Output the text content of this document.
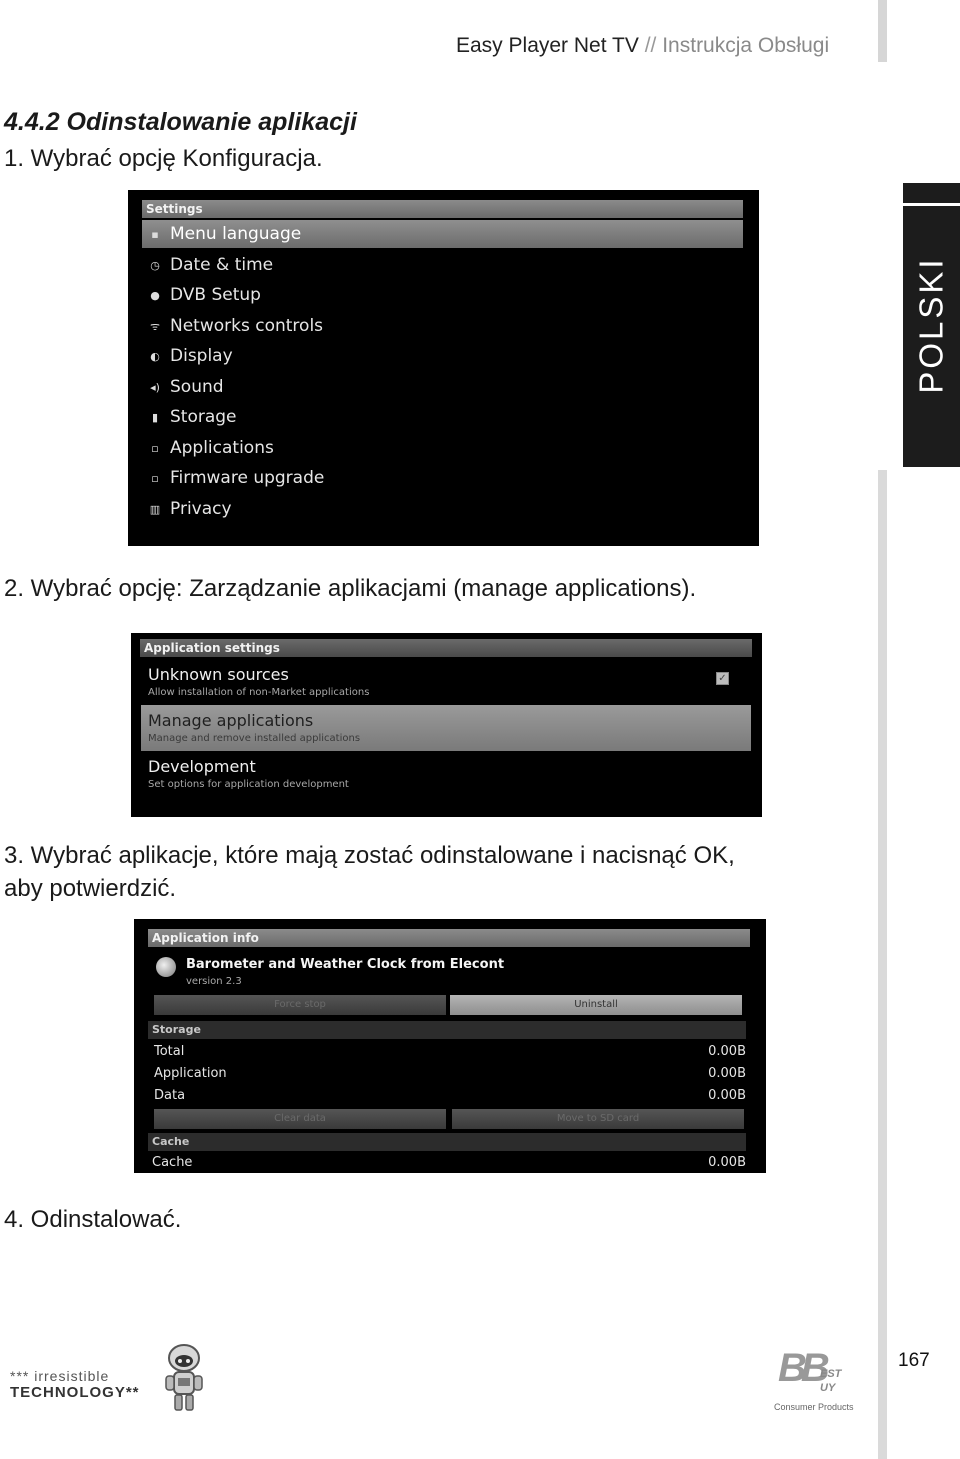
Easy Player Net TV // Instrukcja Obsługi
POLSKI
4.4.2 Odinstalowanie aplikacji
1. Wybrać opcję Konfiguracja.
Settings
▪ Menu language
◷ Date & time
● DVB Setup
ᯤ Networks controls
◐ Display
◂) Sound
▮ Storage
▫ Applications
▫ Firmware upgrade
▥ Privacy
2. Wybrać opcję: Zarządzanie aplikacjami (manage applications).
Application settings
Unknown sources
Allow installation of non-Market applications
✓
Manage applications
Manage and remove installed applications
Development
Set options for application development
3. Wybrać aplikacje, które mają zostać odinstalowane i nacisnąć OK,
aby potwierdzić.
Application info
Barometer and Weather Clock from Elecont
version 2.3
Force stop	Uninstall
Storage
Total	0.00B
Application	0.00B
Data	0.00B
Clear data	Move to SD card
Cache
Cache	0.00B
4. Odinstalować.
*** irresistible
TECHNOLOGY**
BB
EST
UY
Consumer Products
167
